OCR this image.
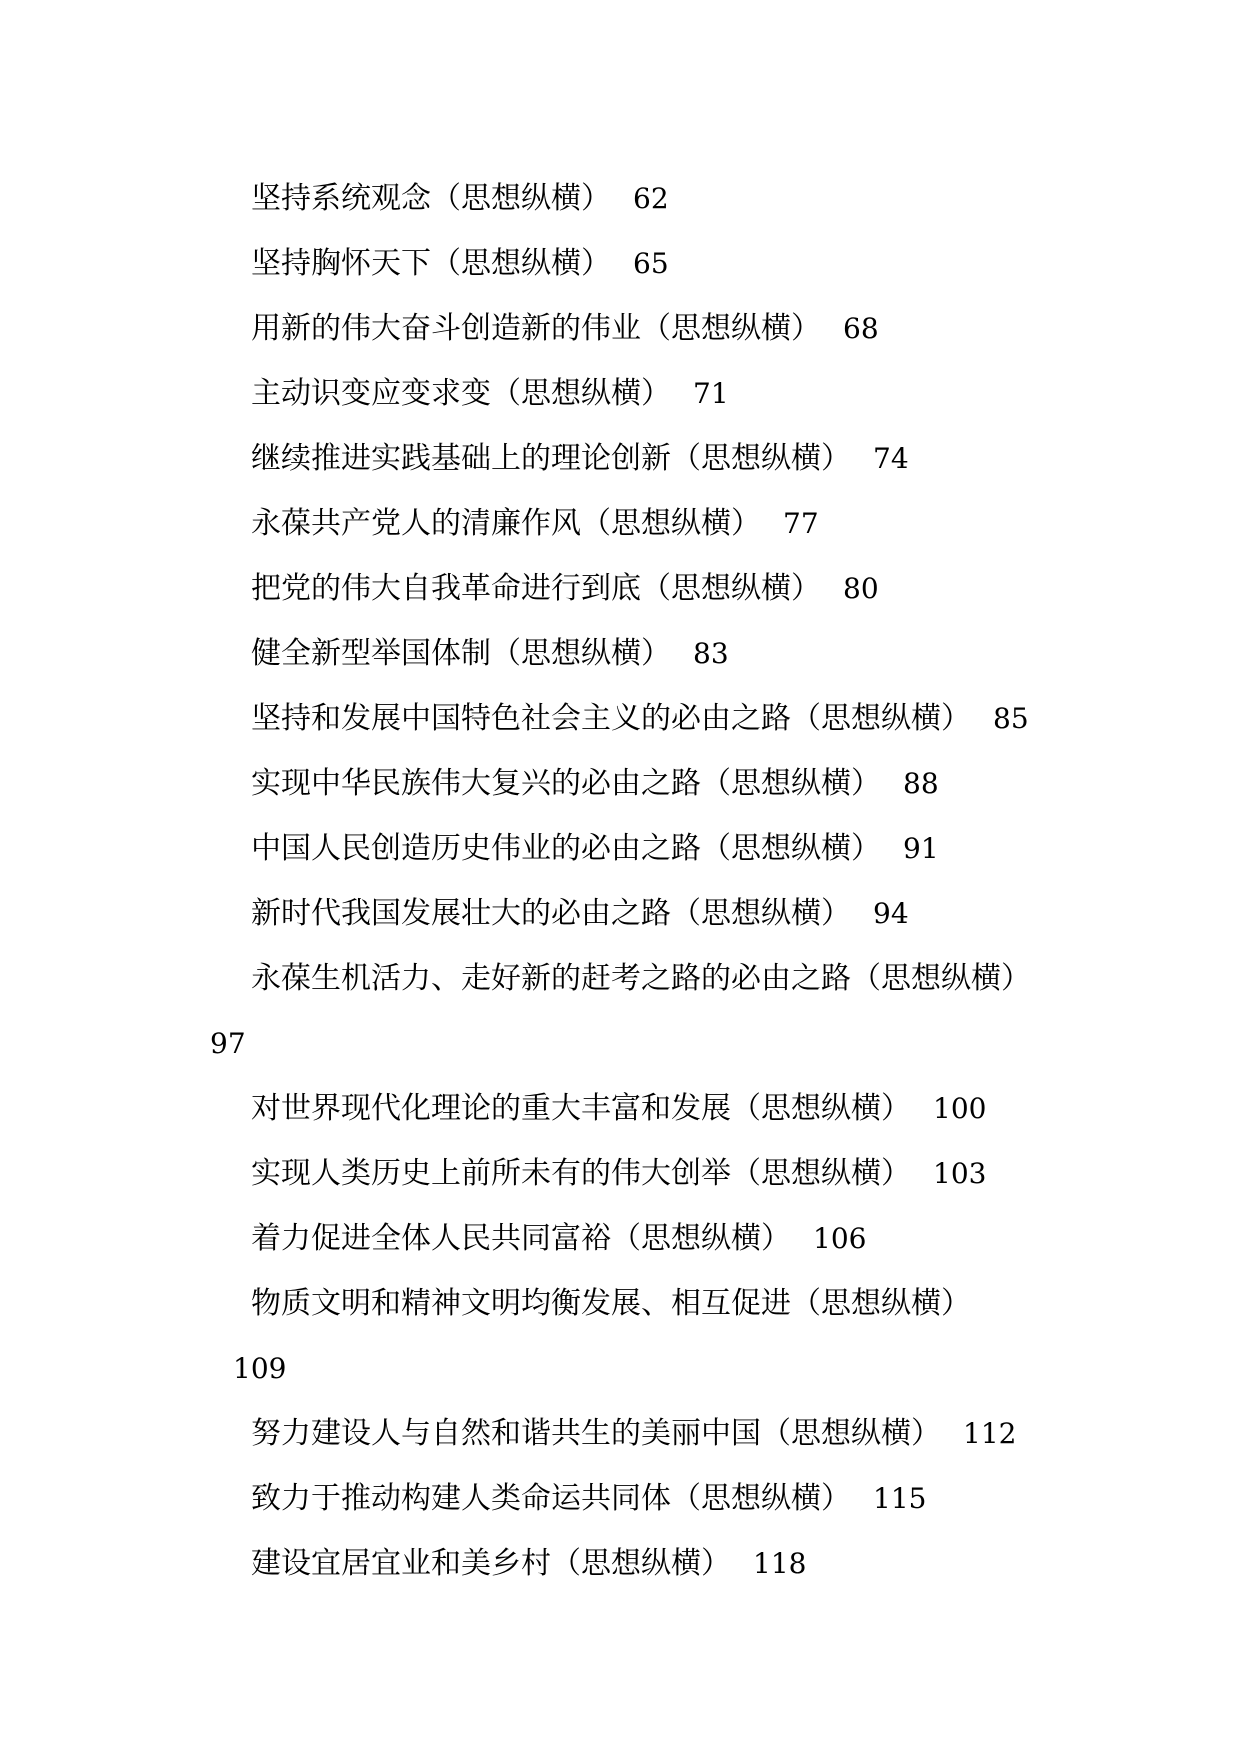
坚持系统观念（思想纵横） 62
坚持胸怀天下（思想纵横） 65
用新的伟大奋斗创造新的伟业（思想纵横） 68
主动识变应变求变（思想纵横） 71
继续推进实践基础上的理论创新（思想纵横） 74
永葆共产党人的清廉作风（思想纵横） 77
把党的伟大自我革命进行到底（思想纵横） 80
健全新型举国体制（思想纵横） 83
坚持和发展中国特色社会主义的必由之路（思想纵横） 85
实现中华民族伟大复兴的必由之路（思想纵横） 88
中国人民创造历史伟业的必由之路（思想纵横） 91
新时代我国发展壮大的必由之路（思想纵横） 94
永葆生机活力、走好新的赶考之路的必由之路（思想纵横）97
对世界现代化理论的重大丰富和发展（思想纵横） 100
实现人类历史上前所未有的伟大创举（思想纵横） 103
着力促进全体人民共同富裕（思想纵横） 106
物质文明和精神文明均衡发展、相互促进（思想纵横）
109
努力建设人与自然和谐共生的美丽中国（思想纵横） 112
致力于推动构建人类命运共同体（思想纵横） 115
建设宜居宜业和美乡村（思想纵横） 118
